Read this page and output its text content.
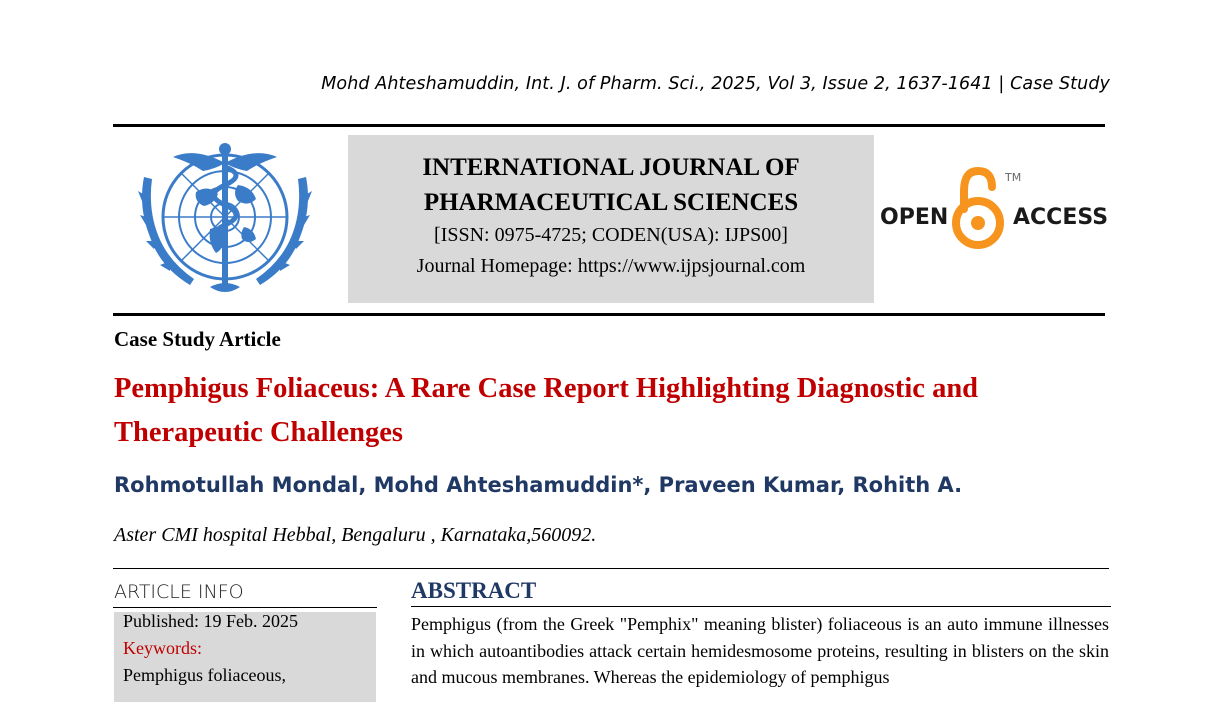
Mohd Ahteshamuddin, Int. J. of Pharm. Sci., 2025, Vol 3, Issue 2, 1637-1641 | Case Study
INTERNATIONAL JOURNAL OF
PHARMACEUTICAL SCIENCES
[ISSN: 0975-4725; CODEN(USA): IJPS00]
Journal Homepage: https://www.ijpsjournal.com
OPEN
TM
ACCESS
Case Study Article
Pemphigus Foliaceus: A Rare Case Report Highlighting Diagnostic and
Therapeutic Challenges
Rohmotullah Mondal, Mohd Ahteshamuddin*, Praveen Kumar, Rohith A.
Aster CMI hospital Hebbal, Bengaluru , Karnataka,560092.
ARTICLE INFO
Published: 19 Feb. 2025
Keywords:
Pemphigus foliaceous,
ABSTRACT
Pemphigus (from the Greek "Pemphix" meaning blister) foliaceous is an auto immune illnesses in which autoantibodies attack certain hemidesmosome proteins, resulting in blisters on the skin and mucous membranes. Whereas the epidemiology of pemphigus
